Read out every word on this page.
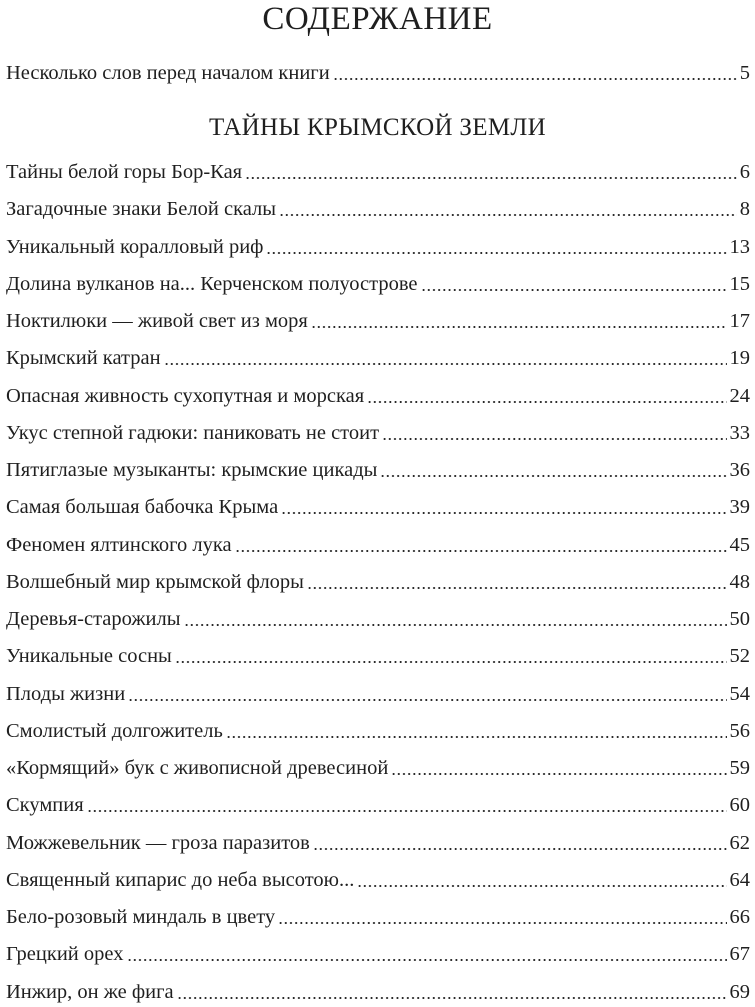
СОДЕРЖАНИЕ
Несколько слов перед началом книги	5
ТАЙНЫ КРЫМСКОЙ ЗЕМЛИ
Тайны белой горы Бор-Кая	6
Загадочные знаки Белой скалы	8
Уникальный коралловый риф	13
Долина вулканов на... Керченском полуострове	15
Ноктилюки — живой свет из моря	17
Крымский катран	19
Опасная живность сухопутная и морская	24
Укус степной гадюки: паниковать не стоит	33
Пятиглазые музыканты: крымские цикады	36
Самая большая бабочка Крыма	39
Феномен ялтинского лука	45
Волшебный мир крымской флоры	48
Деревья-старожилы	50
Уникальные сосны	52
Плоды жизни	54
Смолистый долгожитель	56
«Кормящий» бук с живописной древесиной	59
Скумпия	60
Можжевельник — гроза паразитов	62
Священный кипарис до неба высотою...	64
Бело-розовый миндаль в цвету	66
Грецкий орех	67
Инжир, он же фига	69
